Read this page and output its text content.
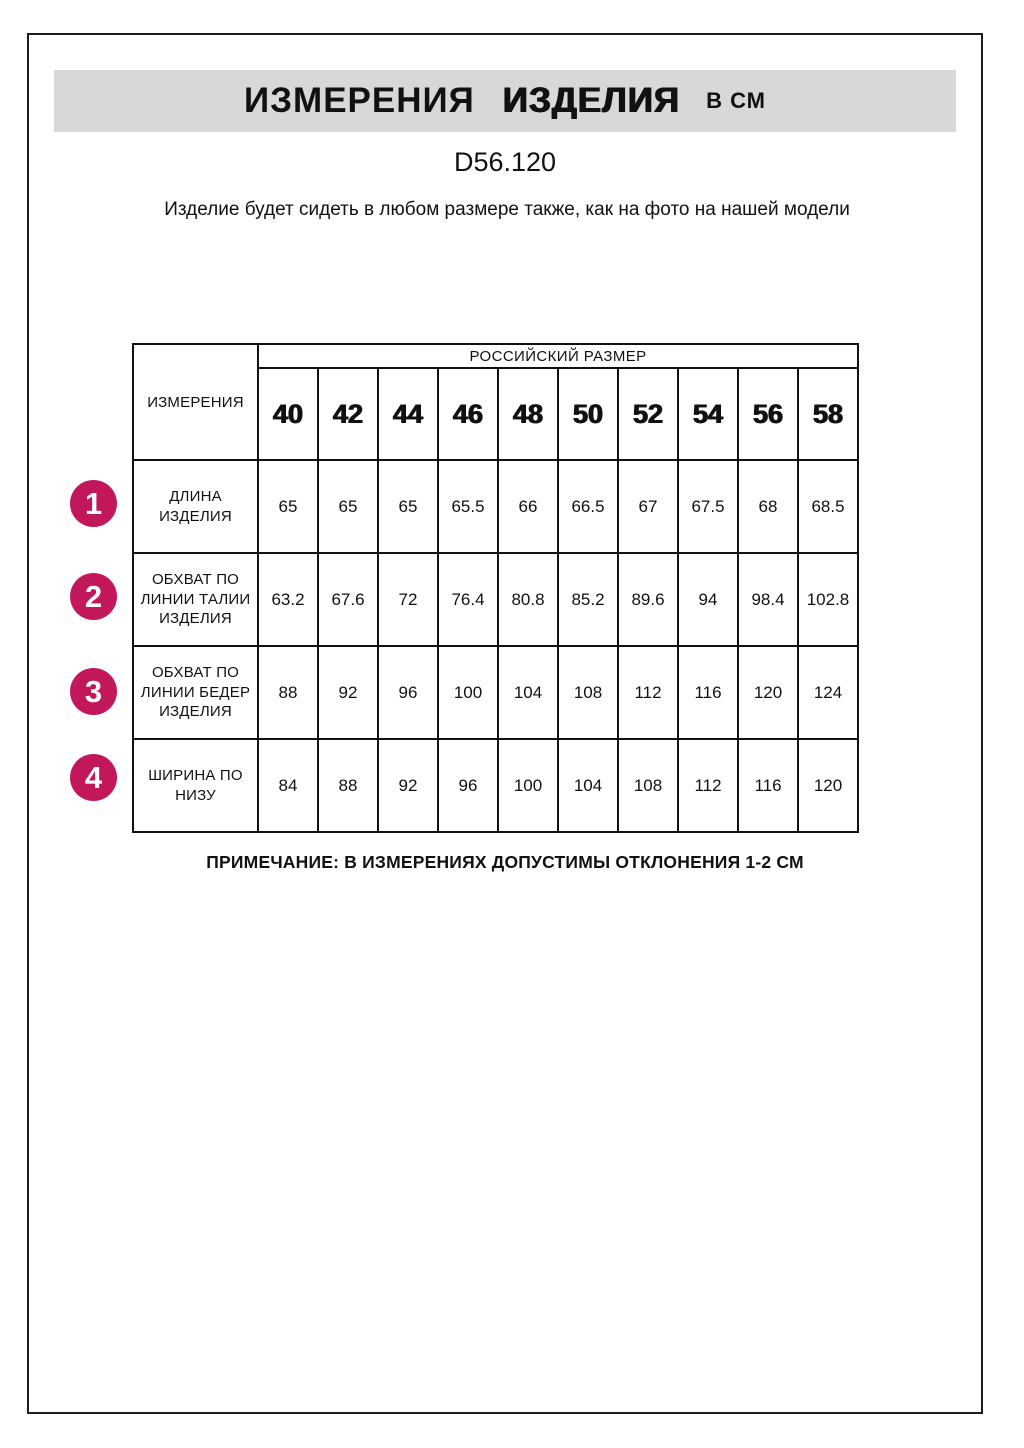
ИЗМЕРЕНИЯ ИЗДЕЛИЯ В СМ
D56.120
Изделие будет сидеть в любом размере также, как на фото на нашей модели
1
2
3
4
ИЗМЕРЕНИЯ	РОССИЙСКИЙ РАЗМЕР									
	40	42	44	46	48	50	52	54	56	58
ДЛИНА ИЗДЕЛИЯ	65	65	65	65.5	66	66.5	67	67.5	68	68.5
ОБХВАТ ПО ЛИНИИ ТАЛИИ ИЗДЕЛИЯ	63.2	67.6	72	76.4	80.8	85.2	89.6	94	98.4	102.8
ОБХВАТ ПО ЛИНИИ БЕДЕР ИЗДЕЛИЯ	88	92	96	100	104	108	112	116	120	124
ШИРИНА ПО НИЗУ	84	88	92	96	100	104	108	112	116	120
ПРИМЕЧАНИЕ: В ИЗМЕРЕНИЯХ ДОПУСТИМЫ ОТКЛОНЕНИЯ 1-2 СМ
